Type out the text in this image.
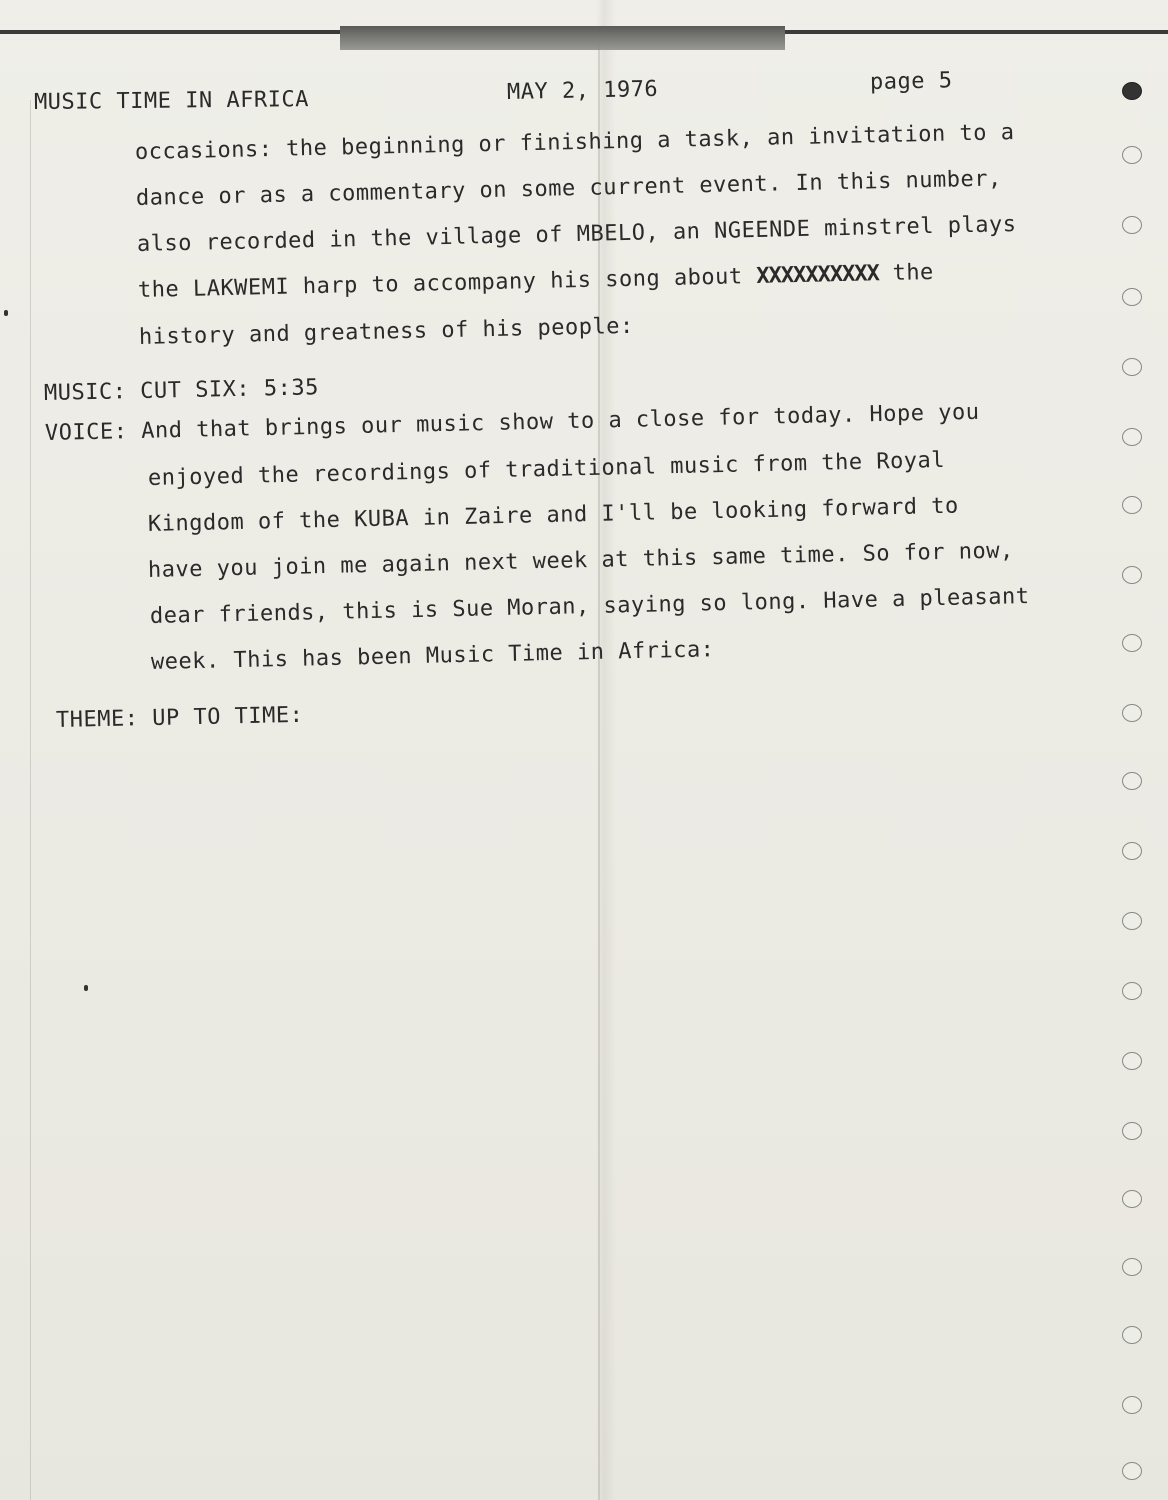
MUSIC TIME IN AFRICA	MAY 2, 1976	page 5
occasions: the beginning or finishing a task, an invitation to a
dance or as a commentary on some current event. In this number,
also recorded in the village of MBELO, an NGEENDE minstrel plays
the LAKWEMI harp to accompany his song about XXXXXXXXXX the
history and greatness of his people:
MUSIC: CUT SIX: 5:35
VOICE: And that brings our music show to a close for today. Hope you
enjoyed the recordings of traditional music from the Royal
Kingdom of the KUBA in Zaire and I'll be looking forward to
have you join me again next week at this same time. So for now,
dear friends, this is Sue Moran, saying so long. Have a pleasant
week. This has been Music Time in Africa:
THEME: UP TO TIME:
